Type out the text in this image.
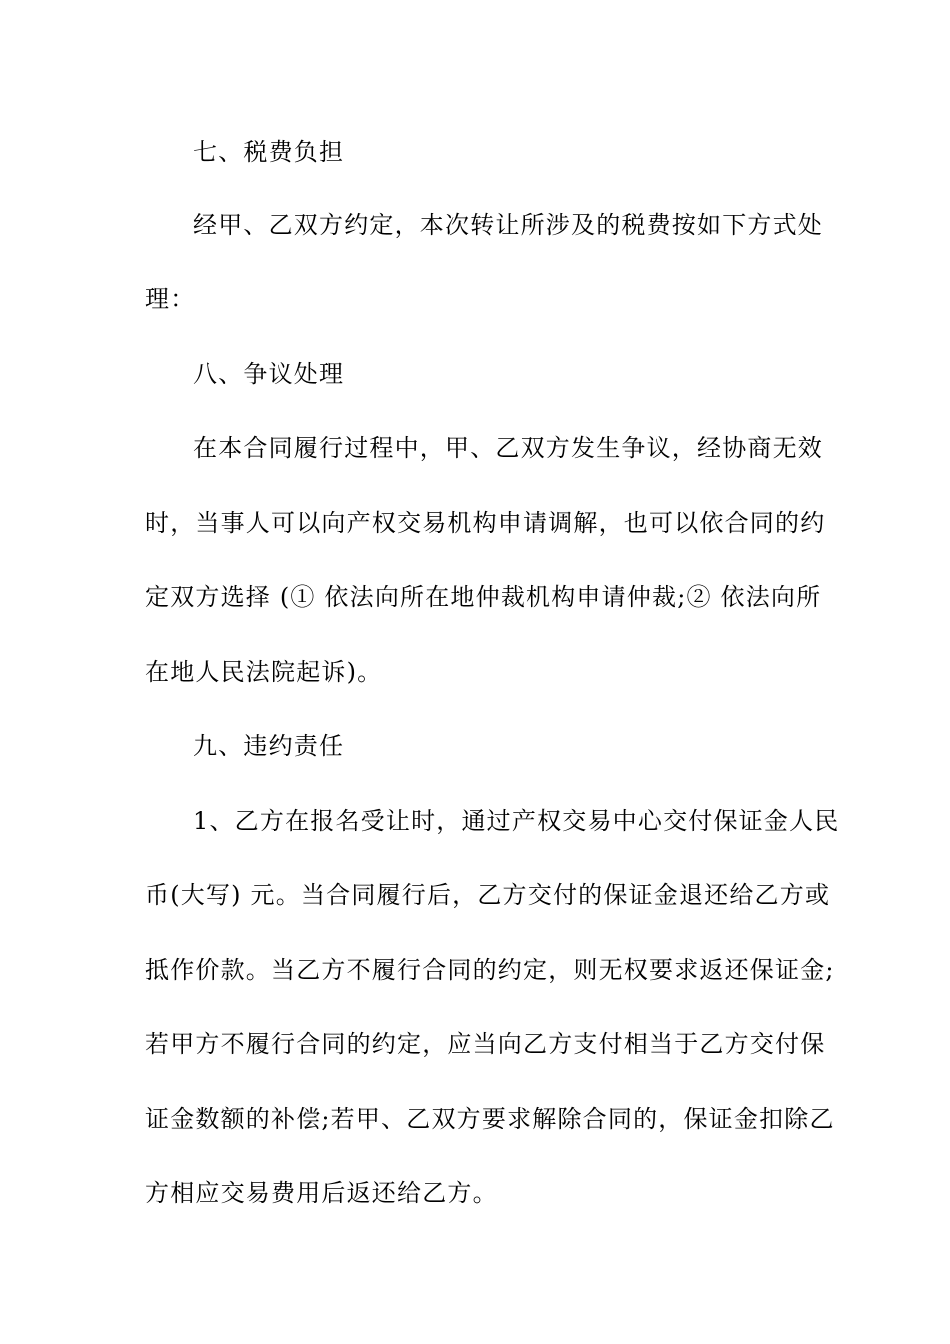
七、税费负担
经甲、乙双方约定，本次转让所涉及的税费按如下方式处
理：
八、争议处理
在本合同履行过程中，甲、乙双方发生争议，经协商无效
时，当事人可以向产权交易机构申请调解，也可以依合同的约
定双方选择 (① 依法向所在地仲裁机构申请仲裁;② 依法向所
在地人民法院起诉)。
九、违约责任
1、乙方在报名受让时，通过产权交易中心交付保证金人民
币(大写) 元。当合同履行后，乙方交付的保证金退还给乙方或
抵作价款。当乙方不履行合同的约定，则无权要求返还保证金;
若甲方不履行合同的约定，应当向乙方支付相当于乙方交付保
证金数额的补偿;若甲、乙双方要求解除合同的，保证金扣除乙
方相应交易费用后返还给乙方。
